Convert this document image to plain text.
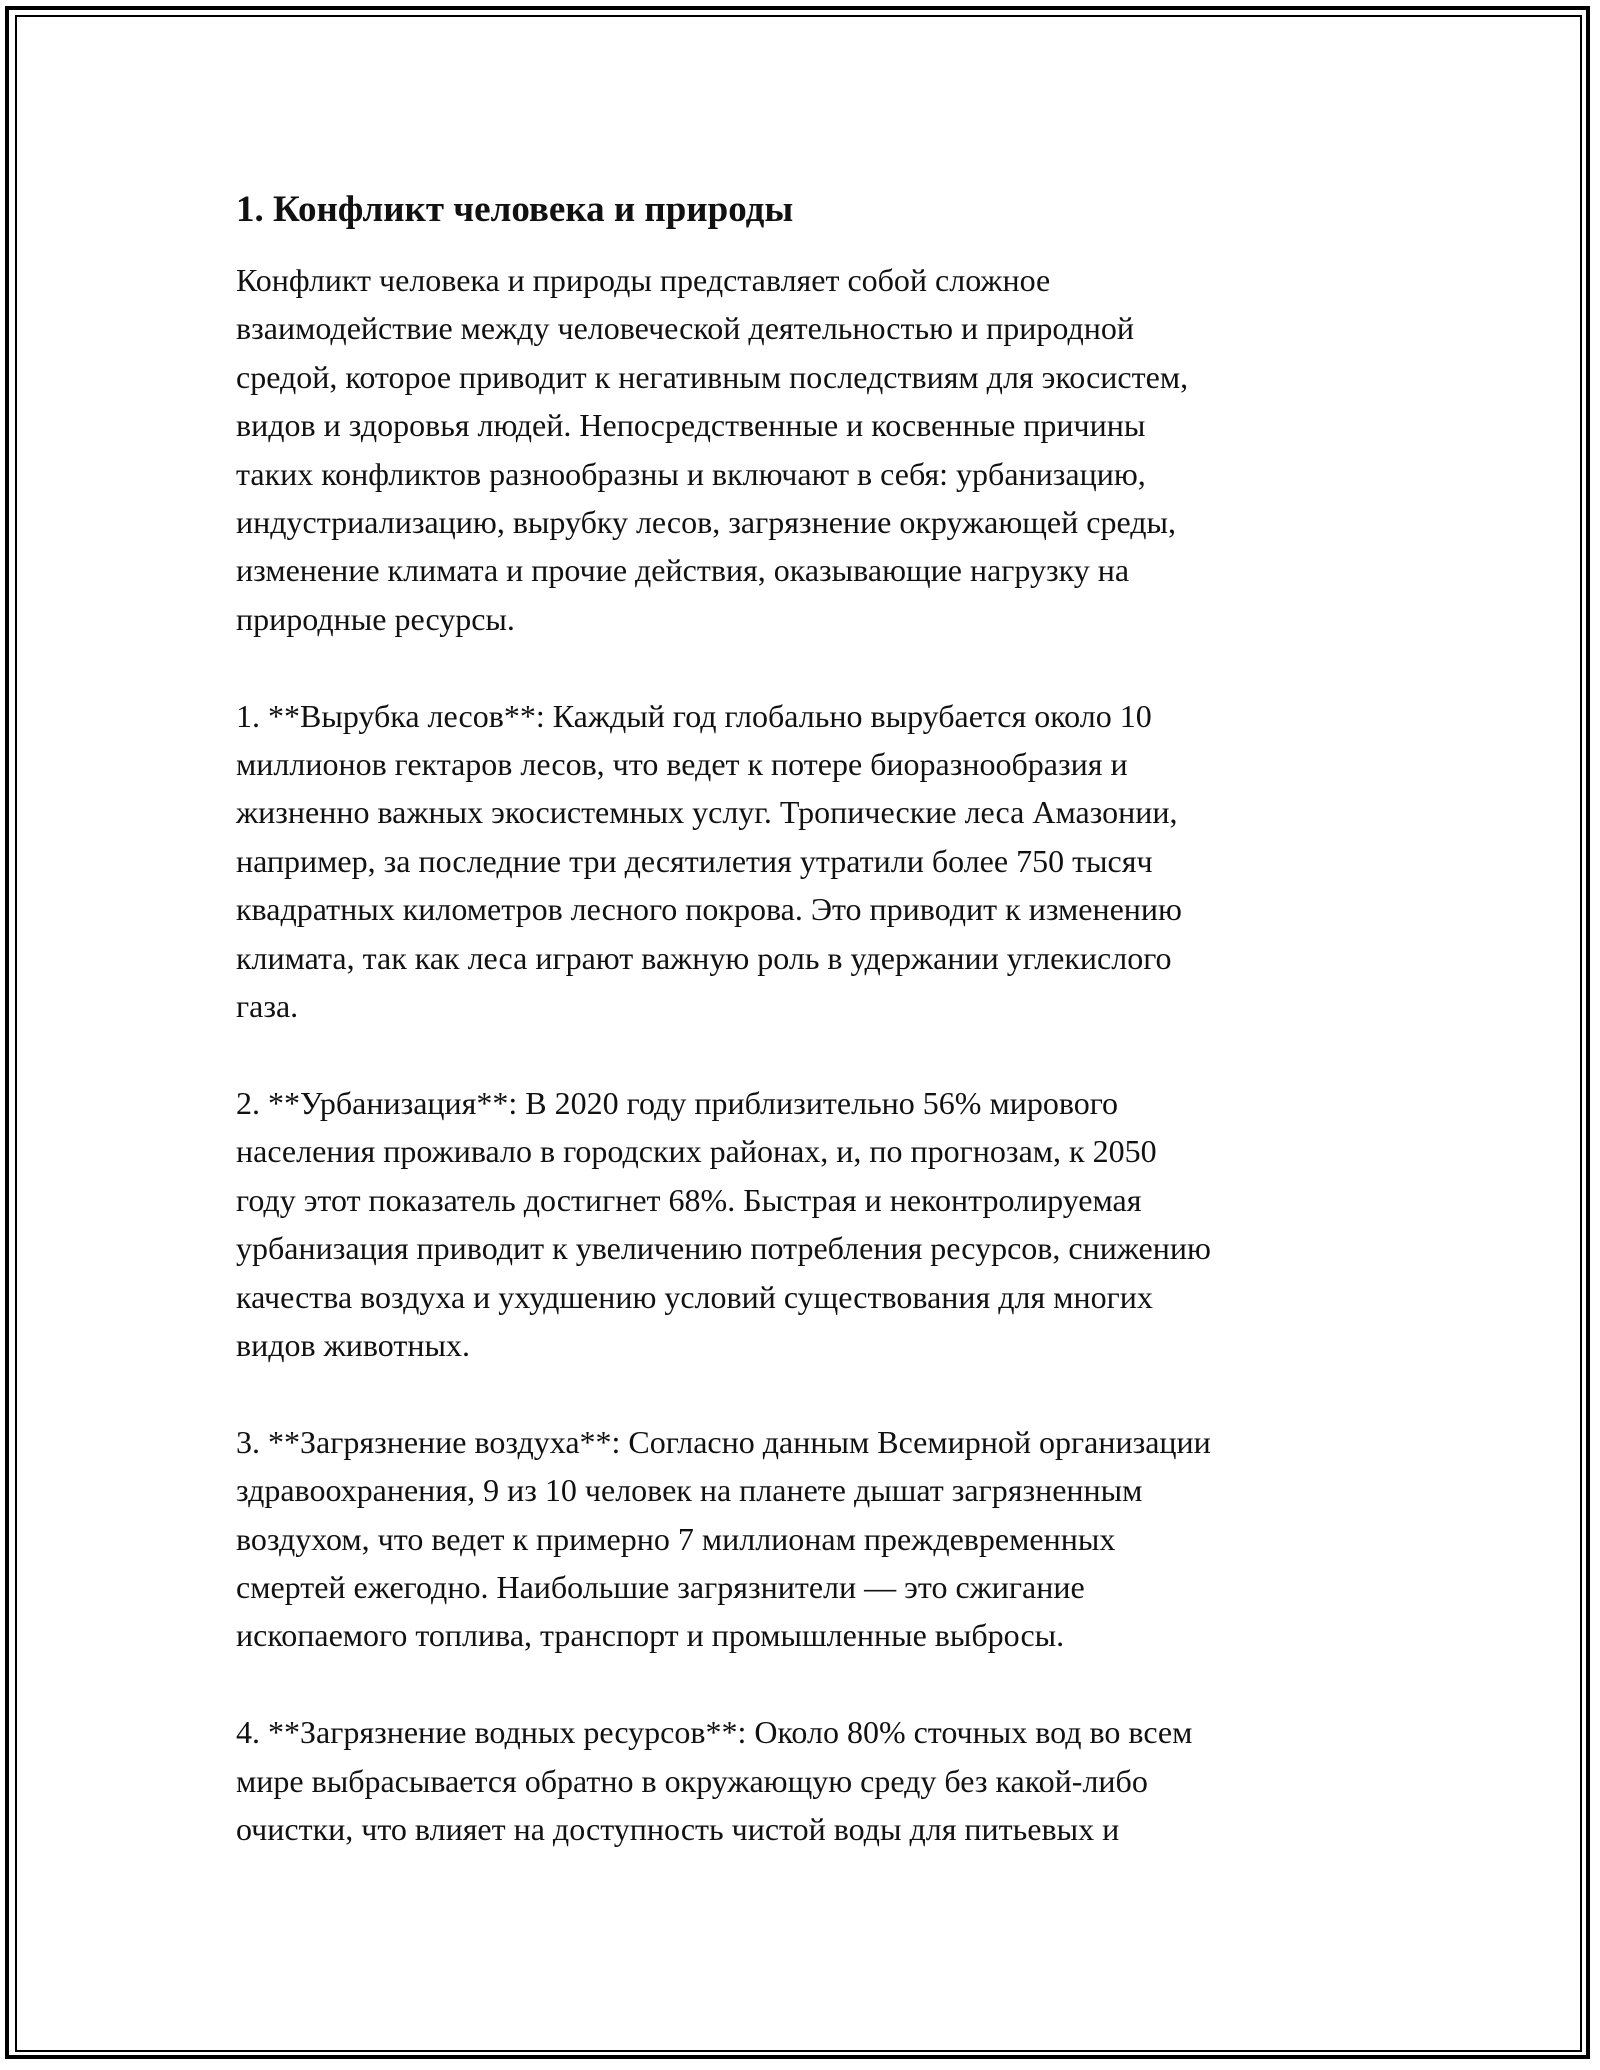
1. Конфликт человека и природы
Конфликт человека и природы представляет собой сложное
взаимодействие между человеческой деятельностью и природной
средой, которое приводит к негативным последствиям для экосистем,
видов и здоровья людей. Непосредственные и косвенные причины
таких конфликтов разнообразны и включают в себя: урбанизацию,
индустриализацию, вырубку лесов, загрязнение окружающей среды,
изменение климата и прочие действия, оказывающие нагрузку на
природные ресурсы.
1. **Вырубка лесов**: Каждый год глобально вырубается около 10
миллионов гектаров лесов, что ведет к потере биоразнообразия и
жизненно важных экосистемных услуг. Тропические леса Амазонии,
например, за последние три десятилетия утратили более 750 тысяч
квадратных километров лесного покрова. Это приводит к изменению
климата, так как леса играют важную роль в удержании углекислого
газа.
2. **Урбанизация**: В 2020 году приблизительно 56% мирового
населения проживало в городских районах, и, по прогнозам, к 2050
году этот показатель достигнет 68%. Быстрая и неконтролируемая
урбанизация приводит к увеличению потребления ресурсов, снижению
качества воздуха и ухудшению условий существования для многих
видов животных.
3. **Загрязнение воздуха**: Согласно данным Всемирной организации
здравоохранения, 9 из 10 человек на планете дышат загрязненным
воздухом, что ведет к примерно 7 миллионам преждевременных
смертей ежегодно. Наибольшие загрязнители — это сжигание
ископаемого топлива, транспорт и промышленные выбросы.
4. **Загрязнение водных ресурсов**: Около 80% сточных вод во всем
мире выбрасывается обратно в окружающую среду без какой-либо
очистки, что влияет на доступность чистой воды для питьевых и
